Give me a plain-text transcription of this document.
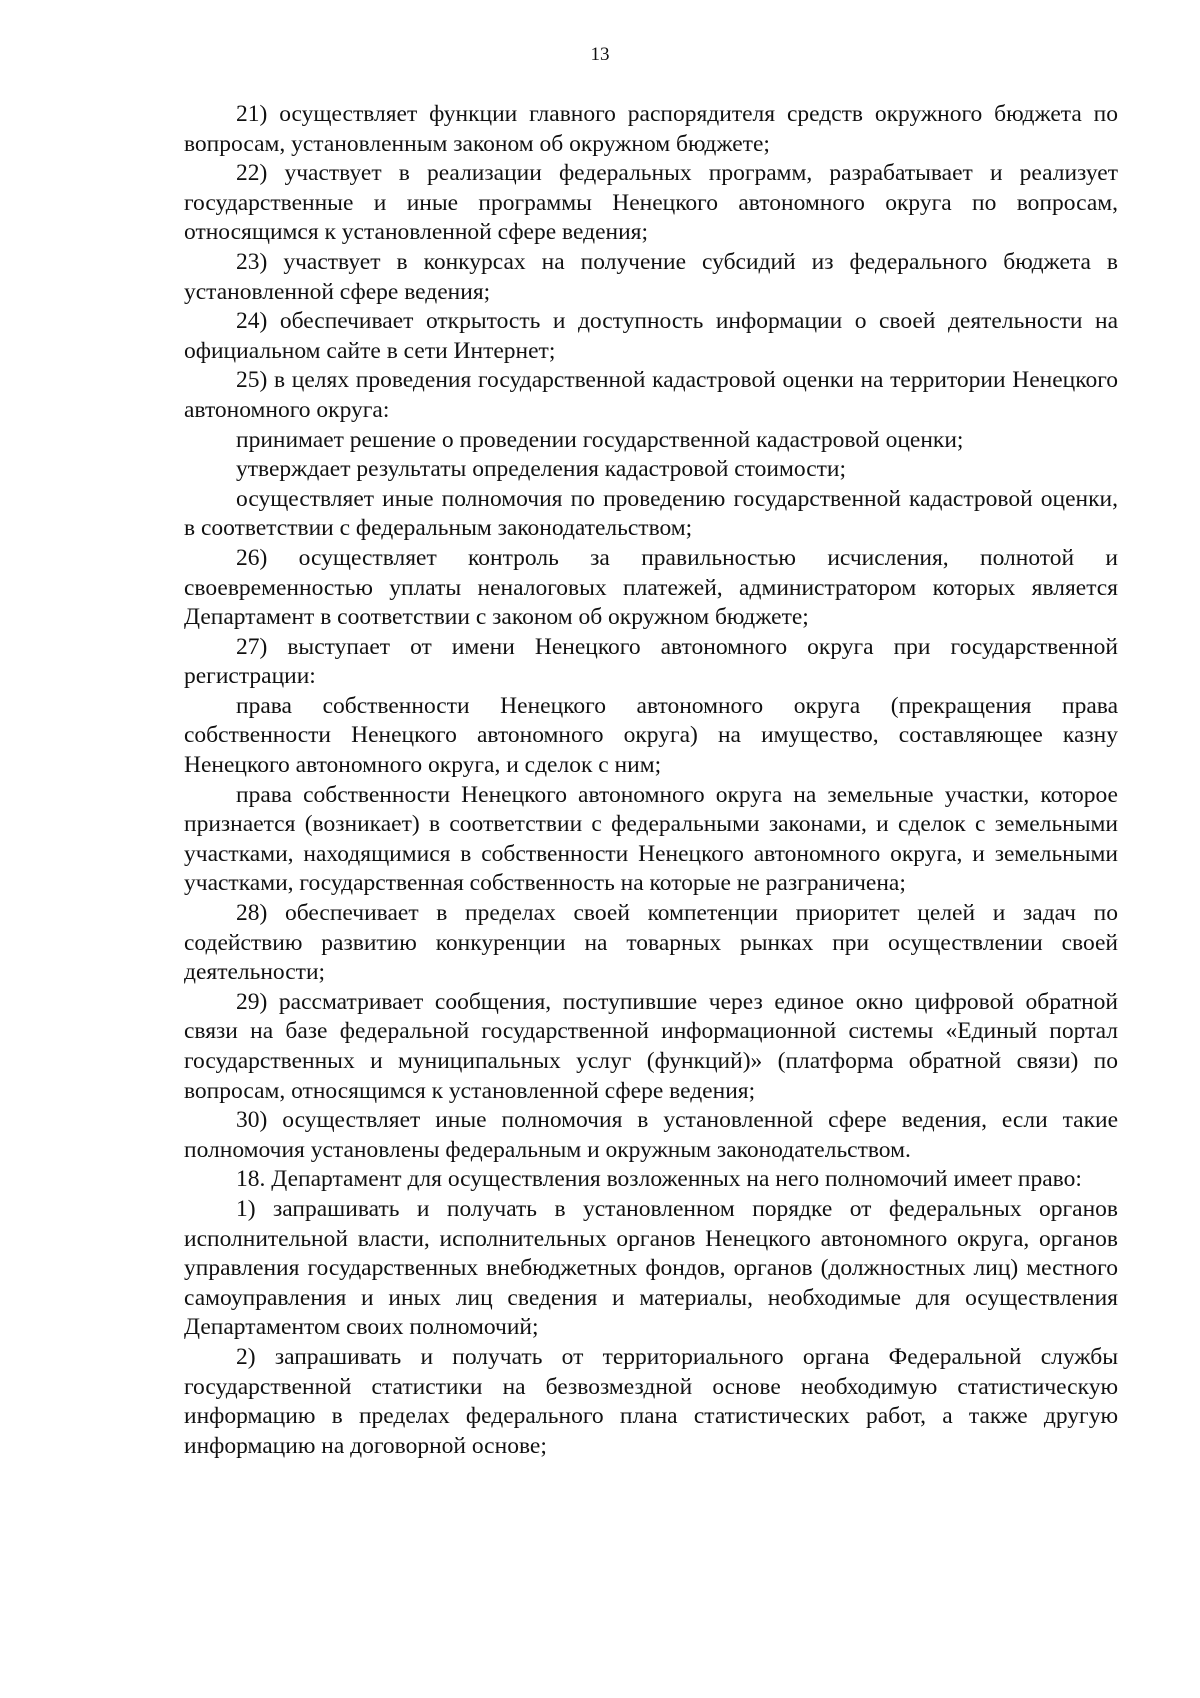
13

21) осуществляет функции главного распорядителя средств окружного бюджета по вопросам, установленным законом об окружном бюджете;

22) участвует в реализации федеральных программ, разрабатывает и реализует государственные и иные программы Ненецкого автономного округа по вопросам, относящимся к установленной сфере ведения;

23) участвует в конкурсах на получение субсидий из федерального бюджета в установленной сфере ведения;

24) обеспечивает открытость и доступность информации о своей деятельности на официальном сайте в сети Интернет;

25) в целях проведения государственной кадастровой оценки на территории Ненецкого автономного округа:

принимает решение о проведении государственной кадастровой оценки;

утверждает результаты определения кадастровой стоимости;

осуществляет иные полномочия по проведению государственной кадастровой оценки, в соответствии с федеральным законодательством;

26) осуществляет контроль за правильностью исчисления, полнотой и своевременностью уплаты неналоговых платежей, администратором которых является Департамент в соответствии с законом об окружном бюджете;

27) выступает от имени Ненецкого автономного округа при государственной регистрации:

права собственности Ненецкого автономного округа (прекращения права собственности Ненецкого автономного округа) на имущество, составляющее казну Ненецкого автономного округа, и сделок с ним;

права собственности Ненецкого автономного округа на земельные участки, которое признается (возникает) в соответствии с федеральными законами, и сделок с земельными участками, находящимися в собственности Ненецкого автономного округа, и земельными участками, государственная собственность на которые не разграничена;

28) обеспечивает в пределах своей компетенции приоритет целей и задач по содействию развитию конкуренции на товарных рынках при осуществлении своей деятельности;

29) рассматривает сообщения, поступившие через единое окно цифровой обратной связи на базе федеральной государственной информационной системы «Единый портал государственных и муниципальных услуг (функций)» (платформа обратной связи) по вопросам, относящимся к установленной сфере ведения;

30) осуществляет иные полномочия в установленной сфере ведения, если такие полномочия установлены федеральным и окружным законодательством.

18. Департамент для осуществления возложенных на него полномочий имеет право:

1) запрашивать и получать в установленном порядке от федеральных органов исполнительной власти, исполнительных органов Ненецкого автономного округа, органов управления государственных внебюджетных фондов, органов (должностных лиц) местного самоуправления и иных лиц сведения и материалы, необходимые для осуществления Департаментом своих полномочий;

2) запрашивать и получать от территориального органа Федеральной службы государственной статистики на безвозмездной основе необходимую статистическую информацию в пределах федерального плана статистических работ, а также другую информацию на договорной основе;
